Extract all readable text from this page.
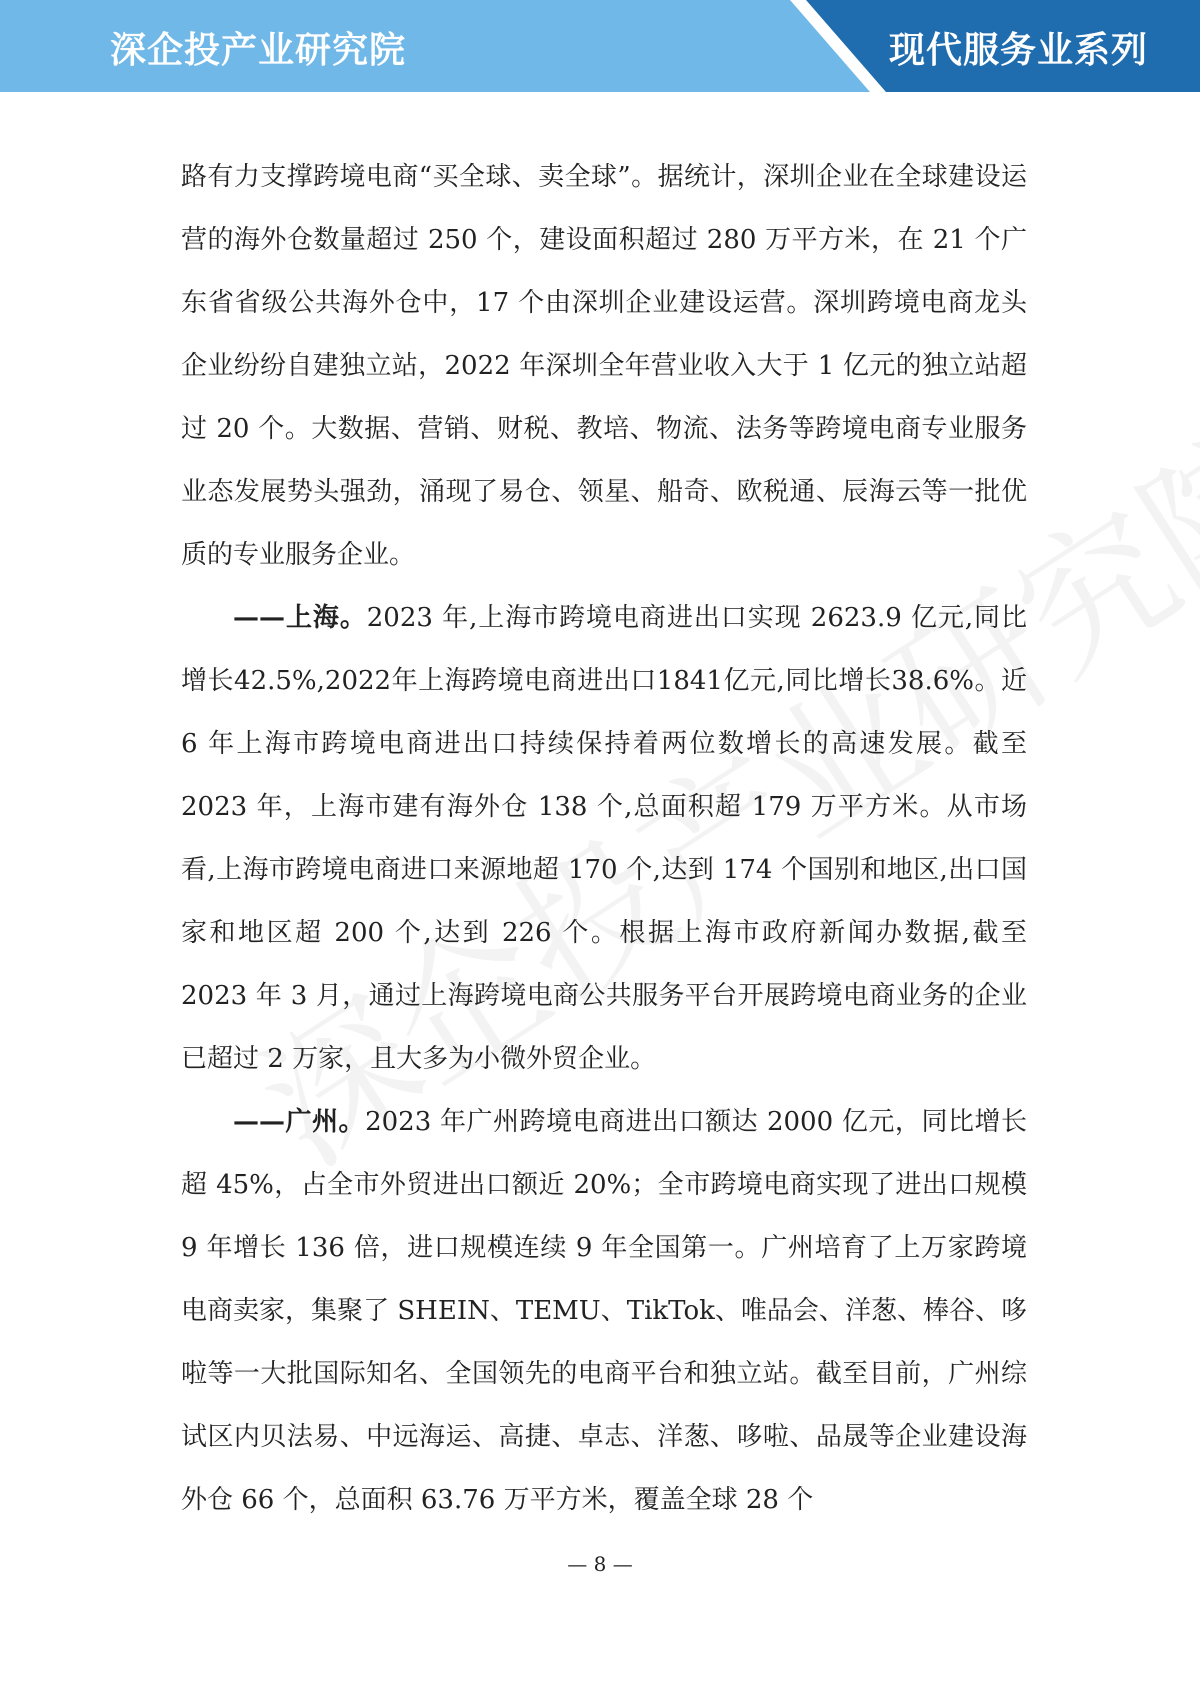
深企投产业研究院	现代服务业系列

路有力支撑跨境电商“买全球、卖全球”。据统计，深圳企业在全球建设运营的海外仓数量超过 250 个，建设面积超过 280 万平方米，在 21 个广东省省级公共海外仓中，17 个由深圳企业建设运营。深圳跨境电商龙头企业纷纷自建独立站，2022 年深圳全年营业收入大于 1 亿元的独立站超过 20 个。大数据、营销、财税、教培、物流、法务等跨境电商专业服务业态发展势头强劲，涌现了易仓、领星、船奇、欧税通、辰海云等一批优质的专业服务企业。

——上海。2023 年,上海市跨境电商进出口实现 2623.9 亿元,同比增长42.5%,2022年上海跨境电商进出口1841亿元,同比增长38.6%。近 6 年上海市跨境电商进出口持续保持着两位数增长的高速发展。截至 2023 年，上海市建有海外仓 138 个,总面积超 179 万平方米。从市场看,上海市跨境电商进口来源地超 170 个,达到 174 个国别和地区,出口国家和地区超 200 个,达到 226 个。根据上海市政府新闻办数据,截至 2023 年 3 月，通过上海跨境电商公共服务平台开展跨境电商业务的企业已超过 2 万家，且大多为小微外贸企业。

——广州。2023 年广州跨境电商进出口额达 2000 亿元，同比增长超 45%，占全市外贸进出口额近 20%；全市跨境电商实现了进出口规模 9 年增长 136 倍，进口规模连续 9 年全国第一。广州培育了上万家跨境电商卖家，集聚了 SHEIN、TEMU、TikTok、唯品会、洋葱、棒谷、哆啦等一大批国际知名、全国领先的电商平台和独立站。截至目前，广州综试区内贝法易、中远海运、高捷、卓志、洋葱、哆啦、品晟等企业建设海外仓 66 个，总面积 63.76 万平方米，覆盖全球 28 个

— 8 —
